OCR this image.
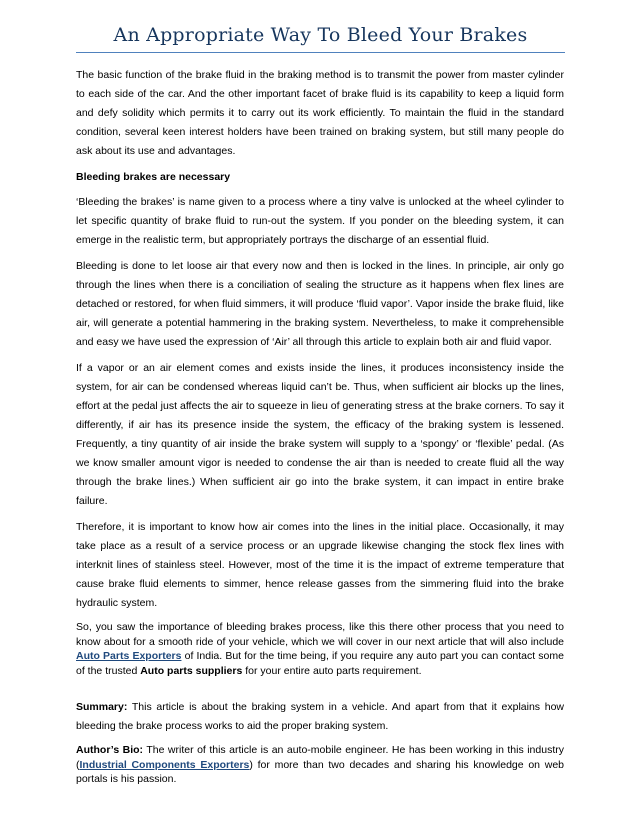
An Appropriate Way To Bleed Your Brakes

The basic function of the brake fluid in the braking method is to transmit the power from master cylinder to each side of the car. And the other important facet of brake fluid is its capability to keep a liquid form and defy solidity which permits it to carry out its work efficiently. To maintain the fluid in the standard condition, several keen interest holders have been trained on braking system, but still many people do ask about its use and advantages.

Bleeding brakes are necessary

‘Bleeding the brakes’ is name given to a process where a tiny valve is unlocked at the wheel cylinder to let specific quantity of brake fluid to run-out the system. If you ponder on the bleeding system, it can emerge in the realistic term, but appropriately portrays the discharge of an essential fluid.

Bleeding is done to let loose air that every now and then is locked in the lines. In principle, air only go through the lines when there is a conciliation of sealing the structure as it happens when flex lines are detached or restored, for when fluid simmers, it will produce ‘fluid vapor’. Vapor inside the brake fluid, like air, will generate a potential hammering in the braking system. Nevertheless, to make it comprehensible and easy we have used the expression of ‘Air’ all through this article to explain both air and fluid vapor.

If a vapor or an air element comes and exists inside the lines, it produces inconsistency inside the system, for air can be condensed whereas liquid can’t be. Thus, when sufficient air blocks up the lines, effort at the pedal just affects the air to squeeze in lieu of generating stress at the brake corners. To say it differently, if air has its presence inside the system, the efficacy of the braking system is lessened. Frequently, a tiny quantity of air inside the brake system will supply to a ‘spongy’ or ‘flexible’ pedal. (As we know smaller amount vigor is needed to condense the air than is needed to create fluid all the way through the brake lines.) When sufficient air go into the brake system, it can impact in entire brake failure.

Therefore, it is important to know how air comes into the lines in the initial place. Occasionally, it may take place as a result of a service process or an upgrade likewise changing the stock flex lines with interknit lines of stainless steel. However, most of the time it is the impact of extreme temperature that cause brake fluid elements to simmer, hence release gasses from the simmering fluid into the brake hydraulic system.

So, you saw the importance of bleeding brakes process, like this there other process that you need to know about for a smooth ride of your vehicle, which we will cover in our next article that will also include Auto Parts Exporters of India. But for the time being, if you require any auto part you can contact some of the trusted Auto parts suppliers for your entire auto parts requirement.

Summary: This article is about the braking system in a vehicle. And apart from that it explains how bleeding the brake process works to aid the proper braking system.

Author’s Bio: The writer of this article is an auto-mobile engineer. He has been working in this industry (Industrial Components Exporters) for more than two decades and sharing his knowledge on web portals is his passion.
